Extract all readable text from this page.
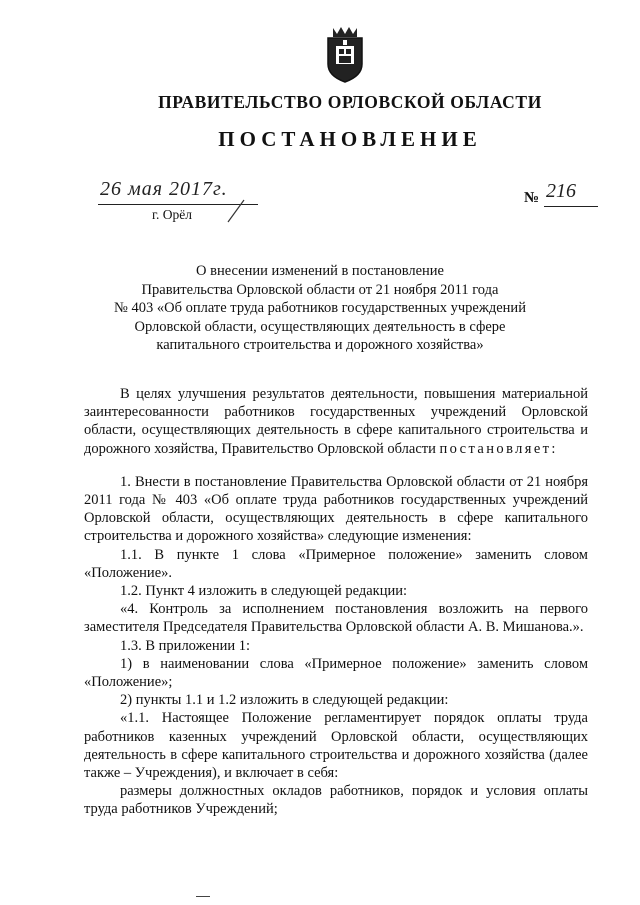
ПРАВИТЕЛЬСТВО ОРЛОВСКОЙ ОБЛАСТИ
ПОСТАНОВЛЕНИЕ
26 мая 2017г.
г. Орёл
№ 216
О внесении изменений в постановление
Правительства Орловской области от 21 ноября 2011 года
№ 403 «Об оплате труда работников государственных учреждений
Орловской области, осуществляющих деятельность в сфере
капитального строительства и дорожного хозяйства»

В целях улучшения результатов деятельности, повышения материальной заинтересованности работников государственных учреждений Орловской области, осуществляющих деятельность в сфере капитального строительства и дорожного хозяйства, Правительство Орловской области постановляет:

1. Внести в постановление Правительства Орловской области от 21 ноября 2011 года № 403 «Об оплате труда работников государственных учреждений Орловской области, осуществляющих деятельность в сфере капитального строительства и дорожного хозяйства» следующие изменения:

1.1. В пункте 1 слова «Примерное положение» заменить словом «Положение».

1.2. Пункт 4 изложить в следующей редакции:

«4. Контроль за исполнением постановления возложить на первого заместителя Председателя Правительства Орловской области А. В. Мишанова.».

1.3. В приложении 1:

1) в наименовании слова «Примерное положение» заменить словом «Положение»;

2) пункты 1.1 и 1.2 изложить в следующей редакции:

«1.1. Настоящее Положение регламентирует порядок оплаты труда работников казенных учреждений Орловской области, осуществляющих деятельность в сфере капитального строительства и дорожного хозяйства (далее также – Учреждения), и включает в себя:

размеры должностных окладов работников, порядок и условия оплаты труда работников Учреждений;
